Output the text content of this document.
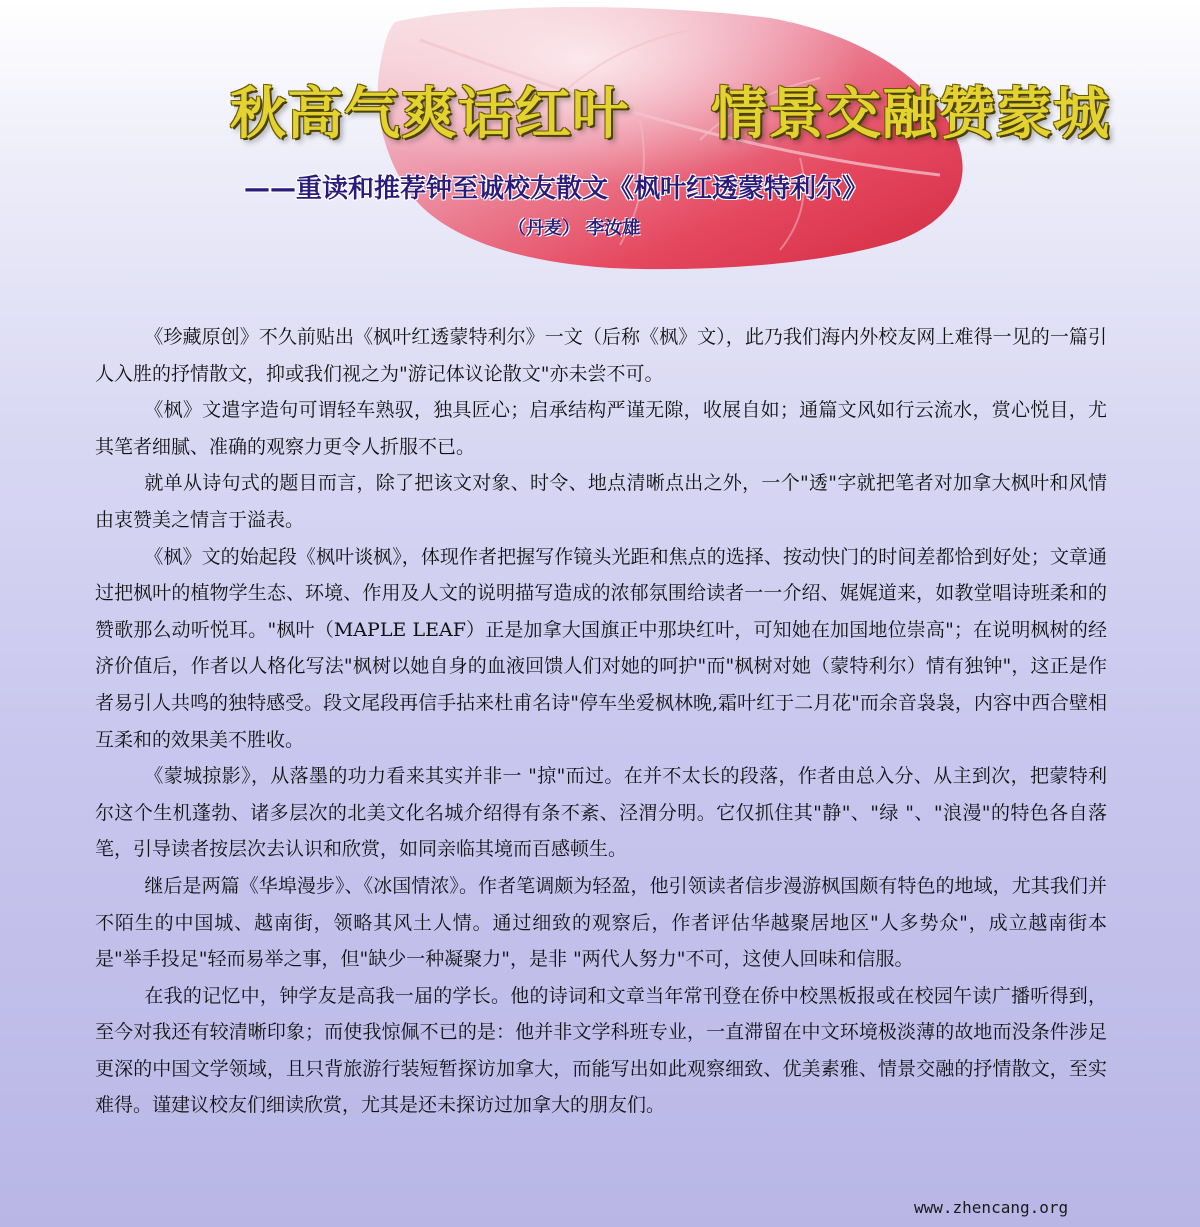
秋高气爽话红叶    情景交融赞蒙城
——重读和推荐钟至诚校友散文《枫叶红透蒙特利尔》
（丹麦） 李汝雄

《珍藏原创》不久前贴出《枫叶红透蒙特利尔》一文（后称《枫》文），此乃我们海内外校友网上难得一见的一篇引人入胜的抒情散文，抑或我们视之为"游记体议论散文"亦未尝不可。

《枫》文遣字造句可谓轻车熟驭，独具匠心；启承结构严谨无隙，收展自如；通篇文风如行云流水，赏心悦目，尤其笔者细腻、准确的观察力更令人折服不已。

就单从诗句式的题目而言，除了把该文对象、时令、地点清晰点出之外，一个"透"字就把笔者对加拿大枫叶和风情由衷赞美之情言于溢表。

《枫》文的始起段《枫叶谈枫》，体现作者把握写作镜头光距和焦点的选择、按动快门的时间差都恰到好处；文章通过把枫叶的植物学生态、环境、作用及人文的说明描写造成的浓郁氛围给读者一一介绍、娓娓道来，如教堂唱诗班柔和的赞歌那么动听悦耳。"枫叶（MAPLE LEAF）正是加拿大国旗正中那块红叶，可知她在加国地位崇高"；在说明枫树的经济价值后，作者以人格化写法"枫树以她自身的血液回馈人们对她的呵护"而"枫树对她（蒙特利尔）情有独钟"，这正是作者易引人共鸣的独特感受。段文尾段再信手拈来杜甫名诗"停车坐爱枫林晚,霜叶红于二月花"而余音袅袅，内容中西合壁相互柔和的效果美不胜收。

《蒙城掠影》，从落墨的功力看来其实并非一 "掠"而过。在并不太长的段落，作者由总入分、从主到次，把蒙特利尔这个生机蓬勃、诸多层次的北美文化名城介绍得有条不紊、泾渭分明。它仅抓住其"静"、"绿 "、"浪漫"的特色各自落笔，引导读者按层次去认识和欣赏，如同亲临其境而百感顿生。

继后是两篇《华埠漫步》、《冰国情浓》。作者笔调颇为轻盈，他引领读者信步漫游枫国颇有特色的地域，尤其我们并不陌生的中国城、越南街，领略其风土人情。通过细致的观察后，作者评估华越聚居地区"人多势众"，成立越南街本是"举手投足"轻而易举之事，但"缺少一种凝聚力"，是非 "两代人努力"不可，这使人回味和信服。

在我的记忆中，钟学友是高我一届的学长。他的诗词和文章当年常刊登在侨中校黑板报或在校园午读广播听得到，至今对我还有较清晰印象；而使我惊佩不已的是：他并非文学科班专业，一直滞留在中文环境极淡薄的故地而没条件涉足更深的中国文学领域，且只背旅游行装短暂探访加拿大，而能写出如此观察细致、优美素雅、情景交融的抒情散文，至实难得。谨建议校友们细读欣赏，尤其是还未探访过加拿大的朋友们。

www.zhencang.org
